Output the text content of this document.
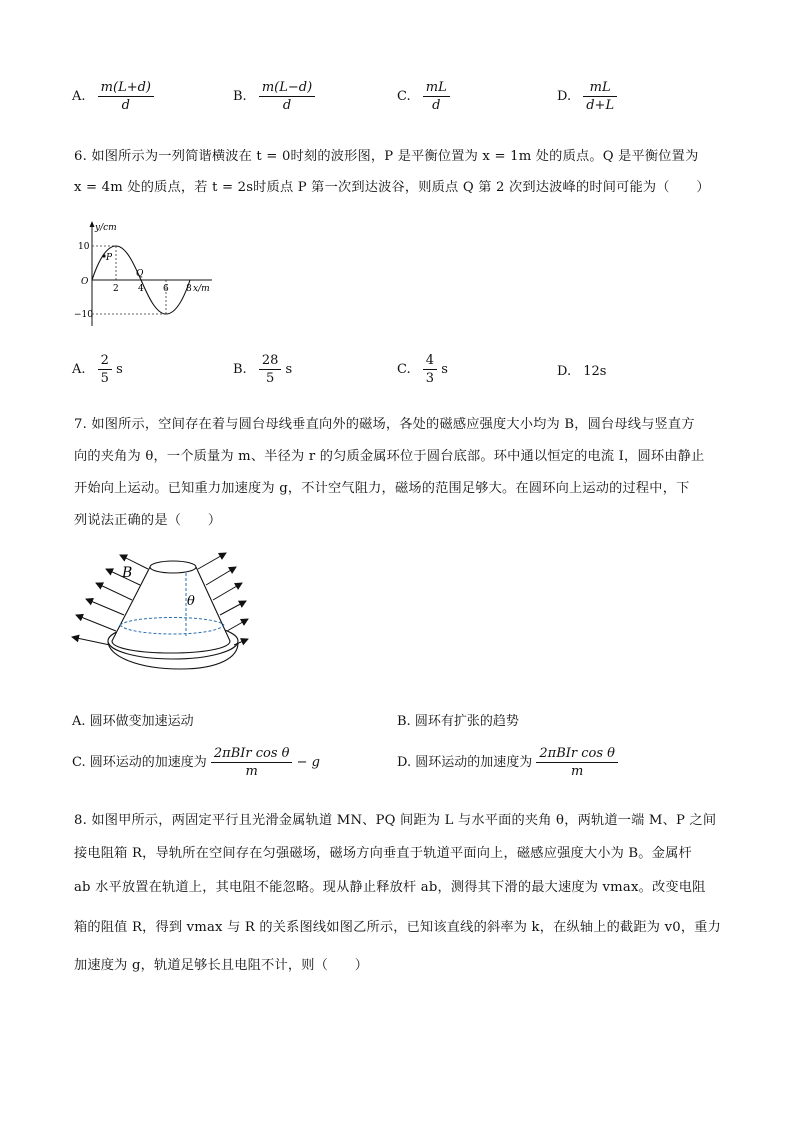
A. $\frac{m(L+d)}{d}$	B. $\frac{m(L-d)}{d}$	C. $\frac{mL}{d}$	D. $\frac{mL}{d+L}$
6. 如图所示为一列简谐横波在 t = 0时刻的波形图，P 是平衡位置为 x = 1m 处的质点。Q 是平衡位置为
x = 4m 处的质点，若 t = 2s时质点 P 第一次到达波谷，则质点 Q 第 2 次到达波峰的时间可能为（　　）
P
Q
y/cm
10
−10
O
2 4 6 8 x/m
A. $\frac{2}{5}$ s	B. $\frac{28}{5}$ s	C. $\frac{4}{3}$ s	D. 12s
7. 如图所示，空间存在着与圆台母线垂直向外的磁场，各处的磁感应强度大小均为 B，圆台母线与竖直方
向的夹角为 θ，一个质量为 m、半径为 r 的匀质金属环位于圆台底部。环中通以恒定的电流 I，圆环由静止
开始向上运动。已知重力加速度为 g，不计空气阻力，磁场的范围足够大。在圆环向上运动的过程中，下
列说法正确的是（　　）
B
θ
A. 圆环做变加速运动	B. 圆环有扩张的趋势
C. 圆环运动的加速度为 $\frac{\text{2πBIr cos θ}}{m} - g$	D. 圆环运动的加速度为 $\frac{\text{2πBIr cos θ}}{m}$
8. 如图甲所示，两固定平行且光滑金属轨道 MN、PQ 间距为 L 与水平面的夹角 θ，两轨道一端 M、P 之间
接电阻箱 R，导轨所在空间存在匀强磁场，磁场方向垂直于轨道平面向上，磁感应强度大小为 B。金属杆
ab 水平放置在轨道上，其电阻不能忽略。现从静止释放杆 ab，测得其下滑的最大速度为 vmax。改变电阻
箱的阻值 R，得到 vmax 与 R 的关系图线如图乙所示，已知该直线的斜率为 k，在纵轴上的截距为 v0，重力
加速度为 g，轨道足够长且电阻不计，则（　　）
